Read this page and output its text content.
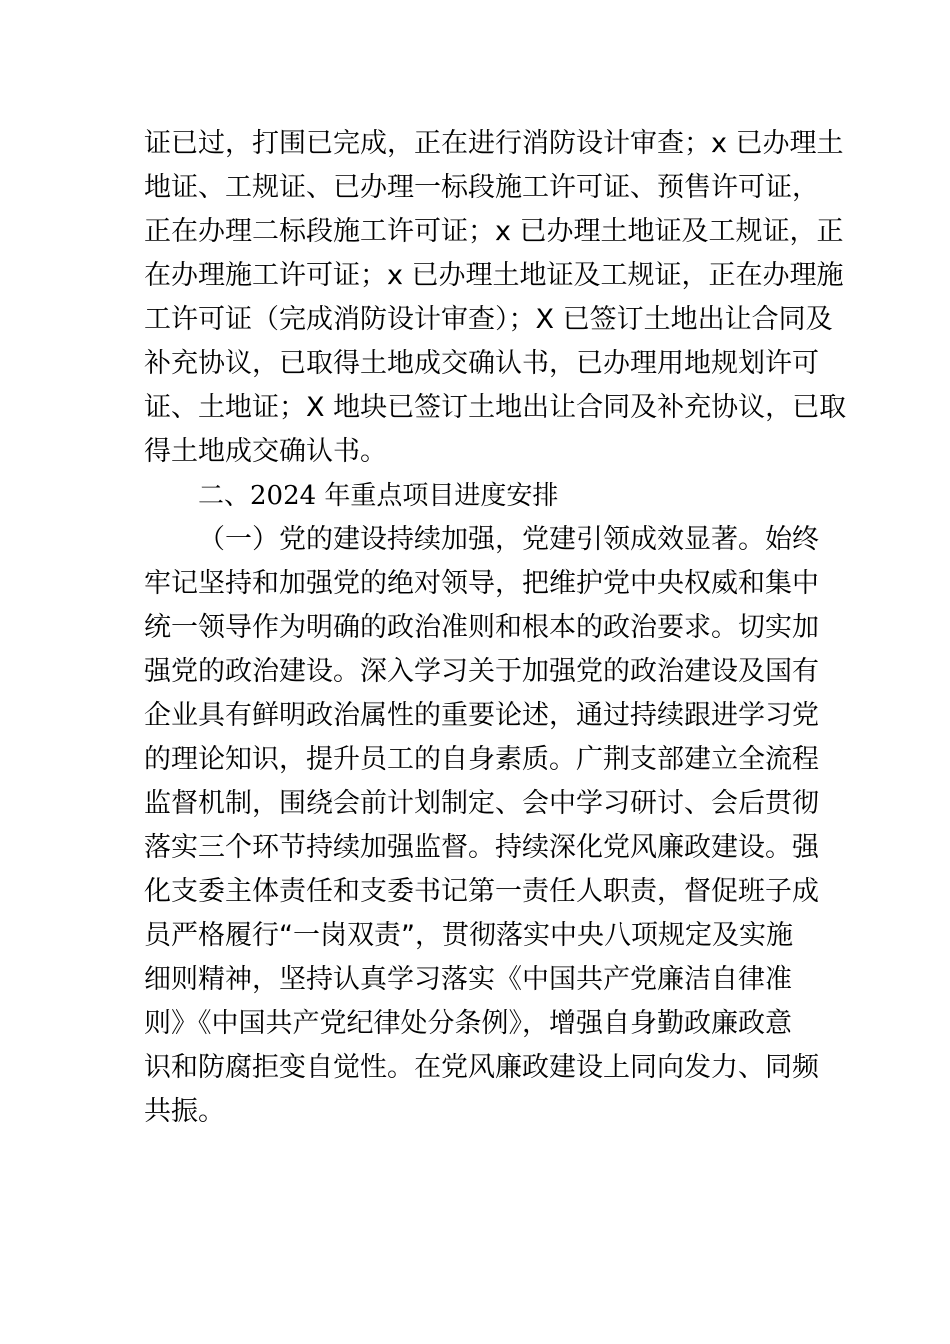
证已过，打围已完成，正在进行消防设计审查；x 已办理土
地证、工规证、已办理一标段施工许可证、预售许可证，
正在办理二标段施工许可证；x 已办理土地证及工规证，正
在办理施工许可证；x 已办理土地证及工规证，正在办理施
工许可证（完成消防设计审查）；X 已签订土地出让合同及
补充协议，已取得土地成交确认书，已办理用地规划许可
证、土地证；X 地块已签订土地出让合同及补充协议，已取
得土地成交确认书。
二、2024 年重点项目进度安排
（一）党的建设持续加强，党建引领成效显著。始终
牢记坚持和加强党的绝对领导，把维护党中央权威和集中
统一领导作为明确的政治准则和根本的政治要求。切实加
强党的政治建设。深入学习关于加强党的政治建设及国有
企业具有鲜明政治属性的重要论述，通过持续跟进学习党
的理论知识，提升员工的自身素质。广荆支部建立全流程
监督机制，围绕会前计划制定、会中学习研讨、会后贯彻
落实三个环节持续加强监督。持续深化党风廉政建设。强
化支委主体责任和支委书记第一责任人职责，督促班子成
员严格履行“一岗双责”，贯彻落实中央八项规定及实施
细则精神，坚持认真学习落实《中国共产党廉洁自律准
则》《中国共产党纪律处分条例》，增强自身勤政廉政意
识和防腐拒变自觉性。在党风廉政建设上同向发力、同频
共振。
